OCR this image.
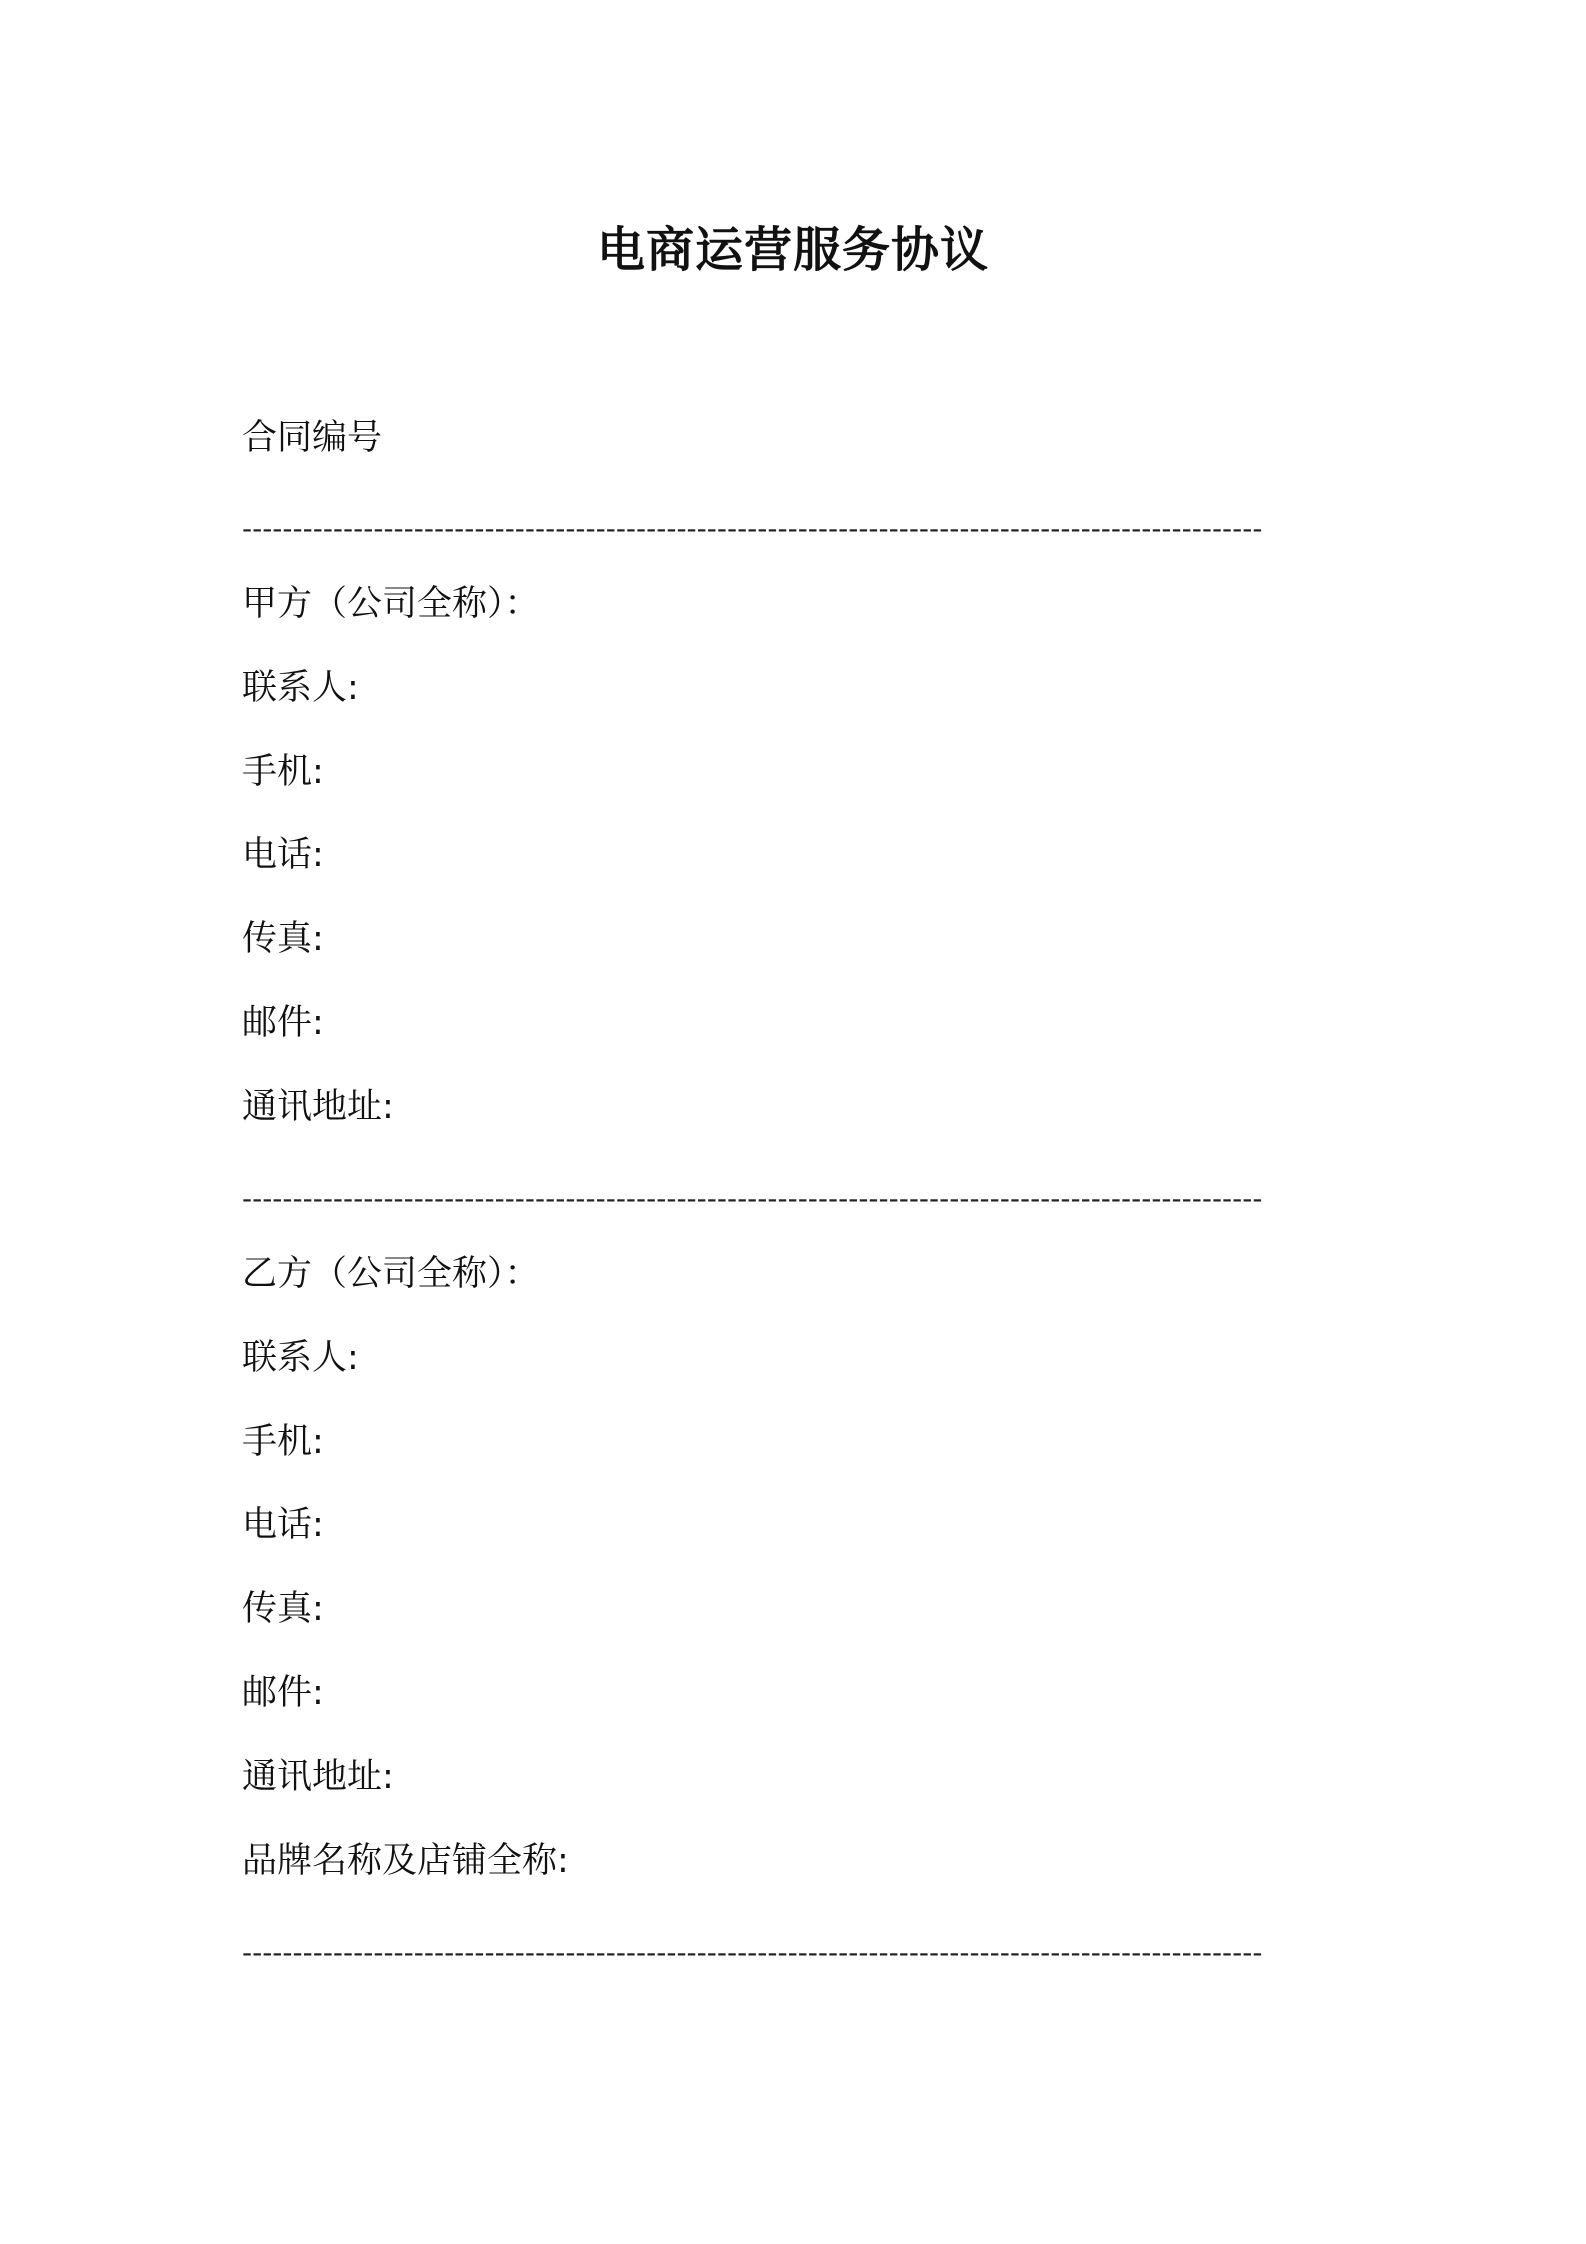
电商运营服务协议
合同编号
-----------------------------------------------------------------------------------------------------
甲方（公司全称）：
联系人:
手机:
电话:
传真:
邮件:
通讯地址:
-----------------------------------------------------------------------------------------------------
乙方（公司全称）：
联系人:
手机:
电话:
传真:
邮件:
通讯地址:
品牌名称及店铺全称:
-----------------------------------------------------------------------------------------------------
